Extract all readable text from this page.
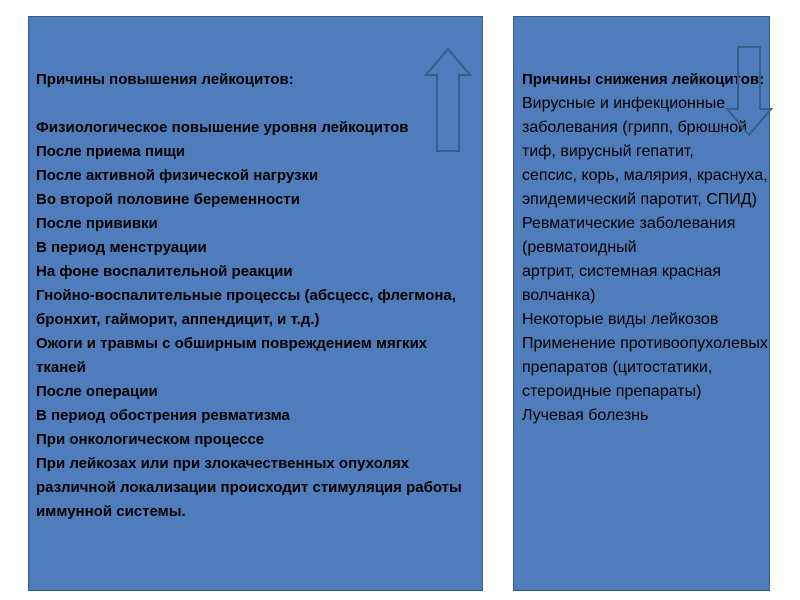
Причины повышения лейкоцитов:

Физиологическое повышение уровня лейкоцитов
После приема пищи
После активной физической нагрузки
Во второй половине беременности
После прививки
В период менструации
На фоне воспалительной реакции
Гнойно-воспалительные процессы (абсцесс, флегмона, бронхит, гайморит, аппендицит, и т.д.)
Ожоги и травмы с обширным повреждением мягких тканей
После операции
В период обострения ревматизма
При онкологическом процессе
При лейкозах или при злокачественных опухолях различной локализации происходит стимуляция работы иммунной системы.
Причины снижения лейкоцитов:
Вирусные и инфекционные заболевания (грипп, брюшной тиф, вирусный гепатит,
сепсис, корь, малярия, краснуха, эпидемический паротит, СПИД)
Ревматические заболевания (ревматоидный
артрит, системная красная волчанка)
Некоторые виды лейкозов
Применение противоопухолевых препаратов (цитостатики, стероидные препараты)
Лучевая болезнь
